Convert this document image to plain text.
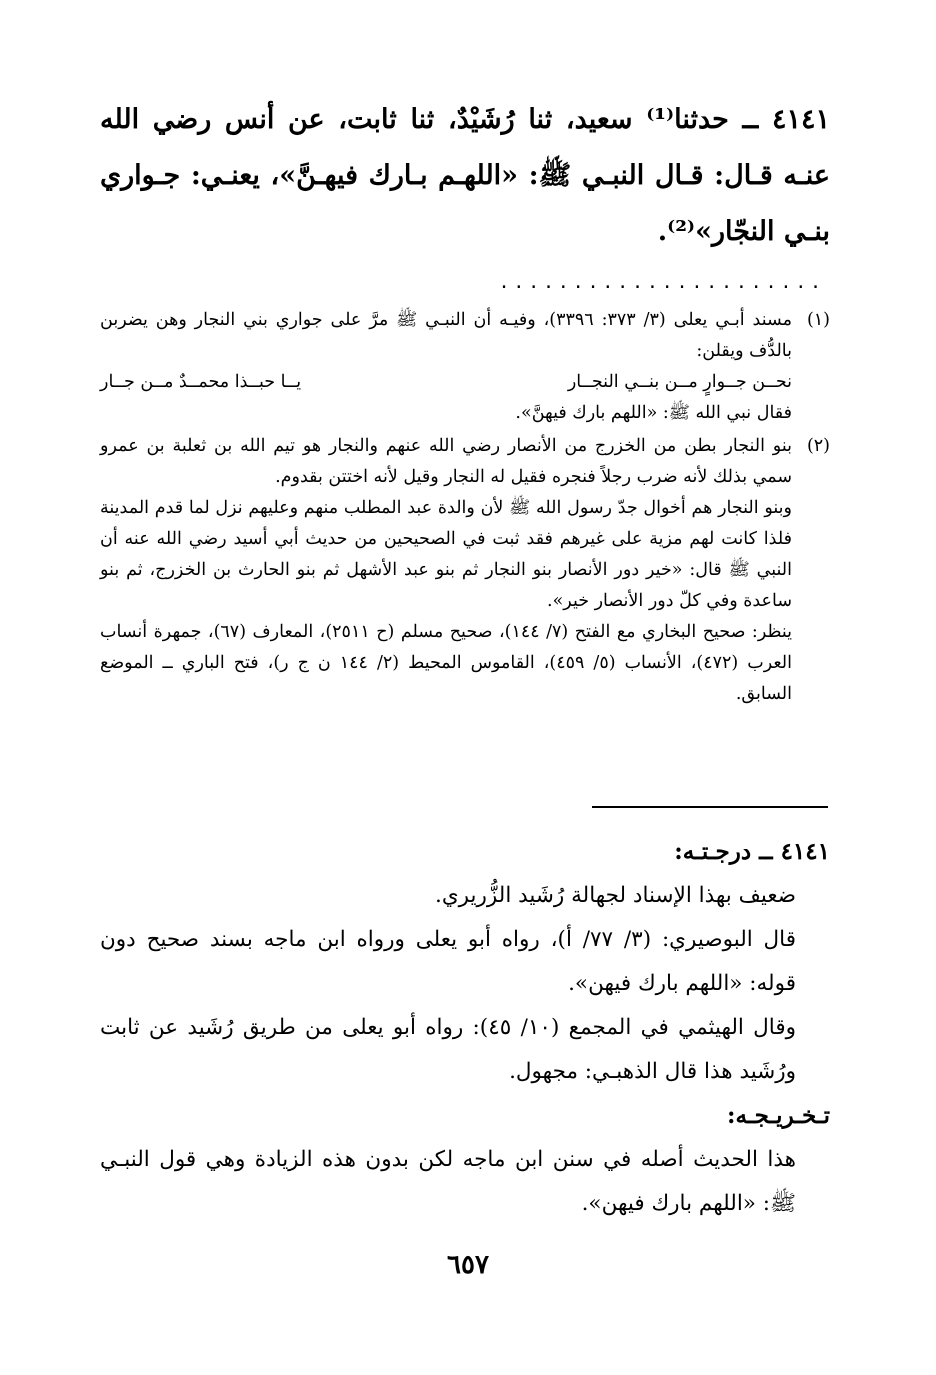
٤١٤١ ــ حدثنا⁽¹⁾ سعيد، ثنا رُشَيْدٌ، ثنا ثابت، عن أنس رضي الله عنـه قـال: قـال النبـي ﷺ: «اللهـم بـارك فيهـنَّ»، يعنـي: جـواري بنـي النجّار»⁽²⁾.
......................
(١)

مسند أبـي يعلى (٣/ ٣٧٣: ٣٣٩٦)، وفيـه أن النبـي ﷺ مرَّ على جواري بني النجار وهن يضربن بالدُّف ويقلن:

نحــن جــوارٍ مــن بنــي النجــار
يــا حبــذا محمــدٌ مــن جــار

فقال نبي الله ﷺ: «اللهم بارك فيهنَّ».

(٢)

بنو النجار بطن من الخزرج من الأنصار رضي الله عنهم والنجار هو تيم الله بن ثعلبة بن عمرو سمي بذلك لأنه ضرب رجلاً فنجره فقيل له النجار وقيل لأنه اختتن بقدوم.

وبنو النجار هم أخوال جدّ رسول الله ﷺ لأن والدة عبد المطلب منهم وعليهم نزل لما قدم المدينة فلذا كانت لهم مزية على غيرهم فقد ثبت في الصحيحين من حديث أبي أسيد رضي الله عنه أن النبي ﷺ قال: «خير دور الأنصار بنو النجار ثم بنو عبد الأشهل ثم بنو الحارث بن الخزرج، ثم بنو ساعدة وفي كلّ دور الأنصار خير».

ينظر: صحيح البخاري مع الفتح (٧/ ١٤٤)، صحيح مسلم (ح ٢٥١١)، المعارف (٦٧)، جمهرة أنساب العرب (٤٧٢)، الأنساب (٥/ ٤٥٩)، القاموس المحيط (٢/ ١٤٤ ن ج ر)، فتح الباري ــ الموضع السابق.

٤١٤١ ــ درجـتـه:

ضعيف بهذا الإسناد لجهالة رُشَيد الزُّريري.

قال البوصيري: (٣/ ٧٧/ أ)، رواه أبو يعلى ورواه ابن ماجه بسند صحيح دون قوله: «اللهم بارك فيهن».

وقال الهيثمي في المجمع (١٠/ ٤٥): رواه أبو يعلى من طريق رُشَيد عن ثابت ورُشَيد هذا قال الذهبـي: مجهول.

تـخـريـجـه:

هذا الحديث أصله في سنن ابن ماجه لكن بدون هذه الزيادة وهي قول النبـي ﷺ: «اللهم بارك فيهن».

٦٥٧
